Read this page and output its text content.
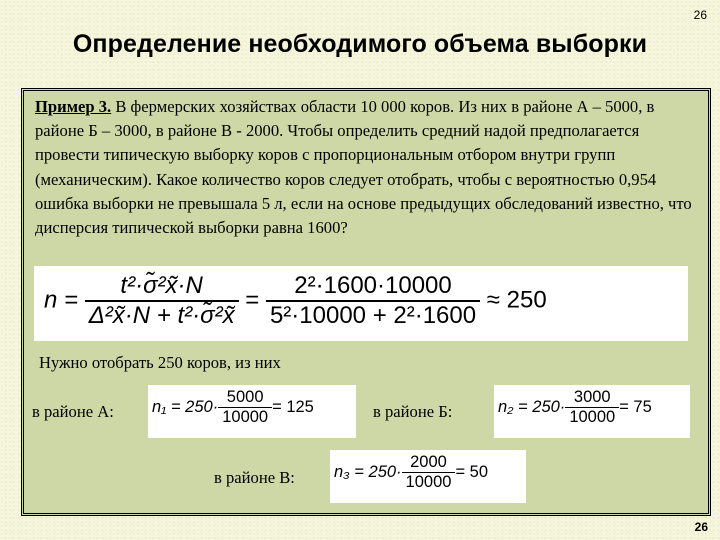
26
Определение необходимого объема выборки
Пример 3. В фермерских хозяйствах области 10 000 коров. Из них в районе А – 5000, в районе Б – 3000, в районе В - 2000. Чтобы определить средний надой предполагается провести типическую выборку коров с пропорциональным отбором внутри групп (механическим). Какое количество коров следует отобрать, чтобы с вероятностью 0,954 ошибка выборки не превышала 5 л, если на основе предыдущих обследований известно, что дисперсия типической выборки равна 1600?
$n = \frac{\text{t²·σ̃²x̃·N}}{\text{Δ²x̃·N + t²·σ̃²x̃}} = \frac{\text{2²·1600·10000}}{\text{5²·10000 + 2²·1600}} \approx 250$
Нужно отобрать 250 коров, из них
в районе А: $n_1 = 250\cdot \frac{5000}{10000} = 125$	в районе Б:	$n_2 = 250\cdot \frac{3000}{10000} = 75$
в районе В: $n_3 = 250\cdot \frac{2000}{10000} = 50$
26
